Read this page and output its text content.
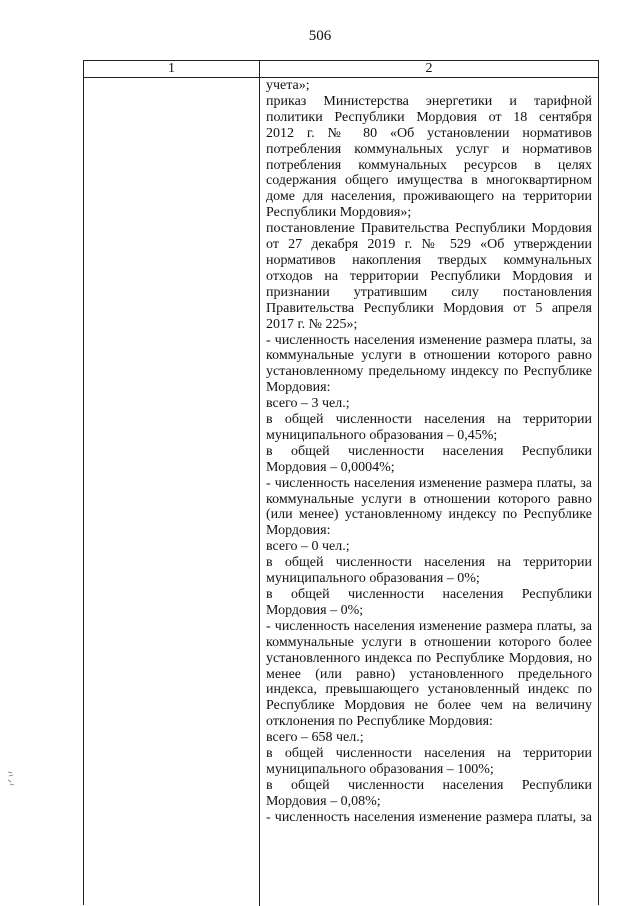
506
1	2
учета»;
приказ Министерства энергетики и тарифной
политики Республики Мордовия от 18 сентября
2012 г. № 80 «Об установлении нормативов
потребления коммунальных услуг и нормативов
потребления коммунальных ресурсов в целях
содержания общего имущества в многоквартирном
доме для населения, проживающего на территории
Республики Мордовия»;
постановление Правительства Республики Мордовия
от 27 декабря 2019 г. № 529 «Об утверждении
нормативов накопления твердых коммунальных
отходов на территории Республики Мордовия и
признании утратившим силу постановления
Правительства Республики Мордовия от 5 апреля
2017 г. № 225»;
- численность населения изменение размера платы, за
коммунальные услуги в отношении которого равно
установленному предельному индексу по Республике
Мордовия:
всего – 3 чел.;
в общей численности населения на территории
муниципального образования – 0,45%;
в общей численности населения Республики
Мордовия – 0,0004%;
- численность населения изменение размера платы, за
коммунальные услуги в отношении которого равно
(или менее) установленному индексу по Республике
Мордовия:
всего – 0 чел.;
в общей численности населения на территории
муниципального образования – 0%;
в общей численности населения Республики
Мордовия – 0%;
- численность населения изменение размера платы, за
коммунальные услуги в отношении которого более
установленного индекса по Республике Мордовия, но
менее (или равно) установленного предельного
индекса, превышающего установленный индекс по
Республике Мордовия не более чем на величину
отклонения по Республике Мордовия:
всего – 658 чел.;
в общей численности населения на территории
муниципального образования – 100%;
в общей численности населения Республики
Мордовия – 0,08%;
- численность населения изменение размера платы, за
